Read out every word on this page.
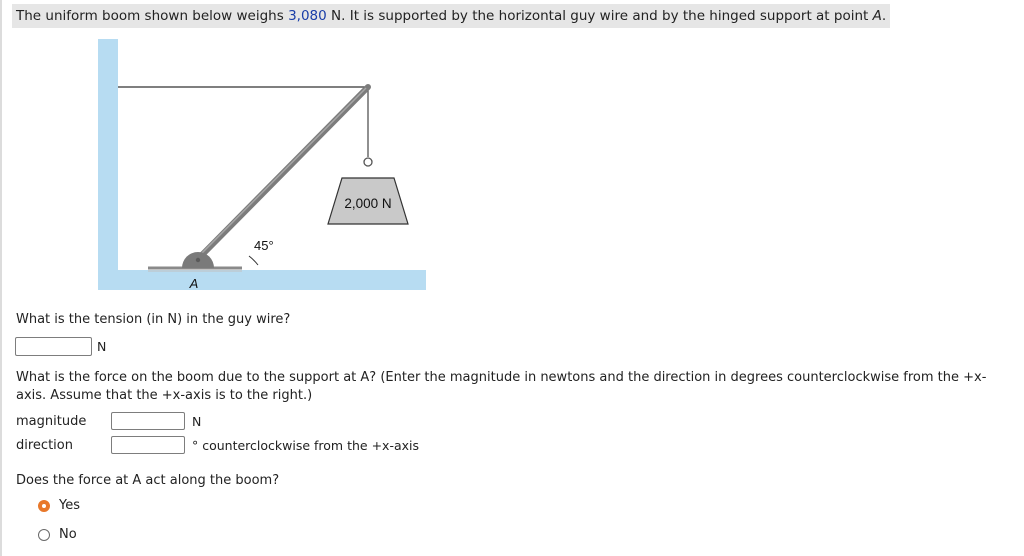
The uniform boom shown below weighs 3,080 N. It is supported by the horizontal guy wire and by the hinged support at point A.
2,000 N
45°
A
What is the tension (in N) in the guy wire?
N
What is the force on the boom due to the support at A? (Enter the magnitude in newtons and the direction in degrees counterclockwise from the +x-
axis. Assume that the +x-axis is to the right.)
magnitude	N
direction	° counterclockwise from the +x-axis
Does the force at A act along the boom?
Yes
No
